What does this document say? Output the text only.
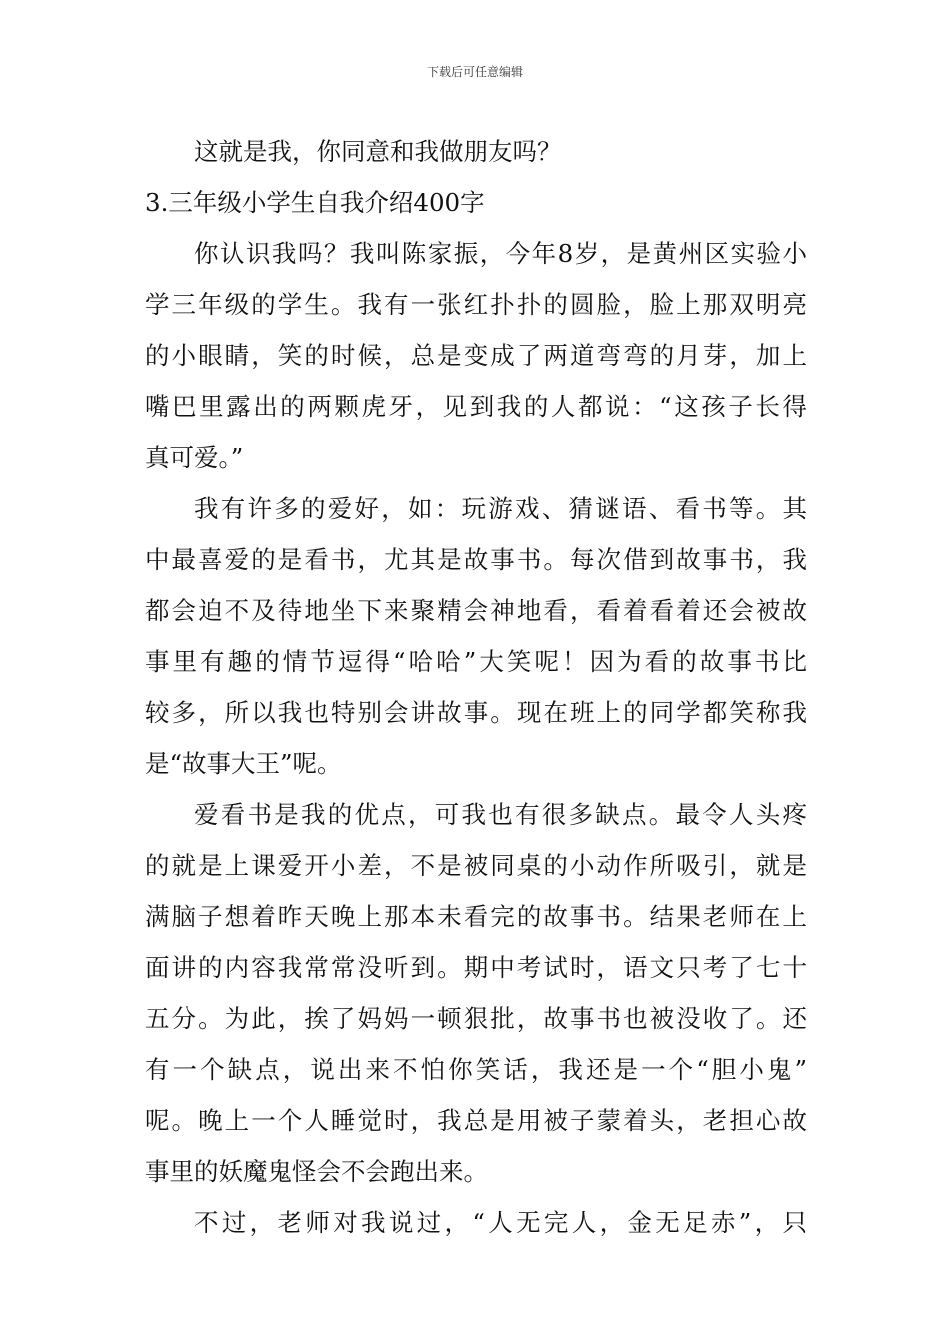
下载后可任意编辑
这就是我，你同意和我做朋友吗？
3.三年级小学生自我介绍400字
你认识我吗？我叫陈家振，今年8岁，是黄州区实验小
学三年级的学生。我有一张红扑扑的圆脸，脸上那双明亮
的小眼睛，笑的时候，总是变成了两道弯弯的月芽，加上
嘴巴里露出的两颗虎牙，见到我的人都说：“这孩子长得
真可爱。”
我有许多的爱好，如：玩游戏、猜谜语、看书等。其
中最喜爱的是看书，尤其是故事书。每次借到故事书，我
都会迫不及待地坐下来聚精会神地看，看着看着还会被故
事里有趣的情节逗得“哈哈”大笑呢！因为看的故事书比
较多，所以我也特别会讲故事。现在班上的同学都笑称我
是“故事大王”呢。
爱看书是我的优点，可我也有很多缺点。最令人头疼
的就是上课爱开小差，不是被同桌的小动作所吸引，就是
满脑子想着昨天晚上那本未看完的故事书。结果老师在上
面讲的内容我常常没听到。期中考试时，语文只考了七十
五分。为此，挨了妈妈一顿狠批，故事书也被没收了。还
有一个缺点，说出来不怕你笑话，我还是一个“胆小鬼”
呢。晚上一个人睡觉时，我总是用被子蒙着头，老担心故
事里的妖魔鬼怪会不会跑出来。
不过，老师对我说过，“人无完人，金无足赤”，只
